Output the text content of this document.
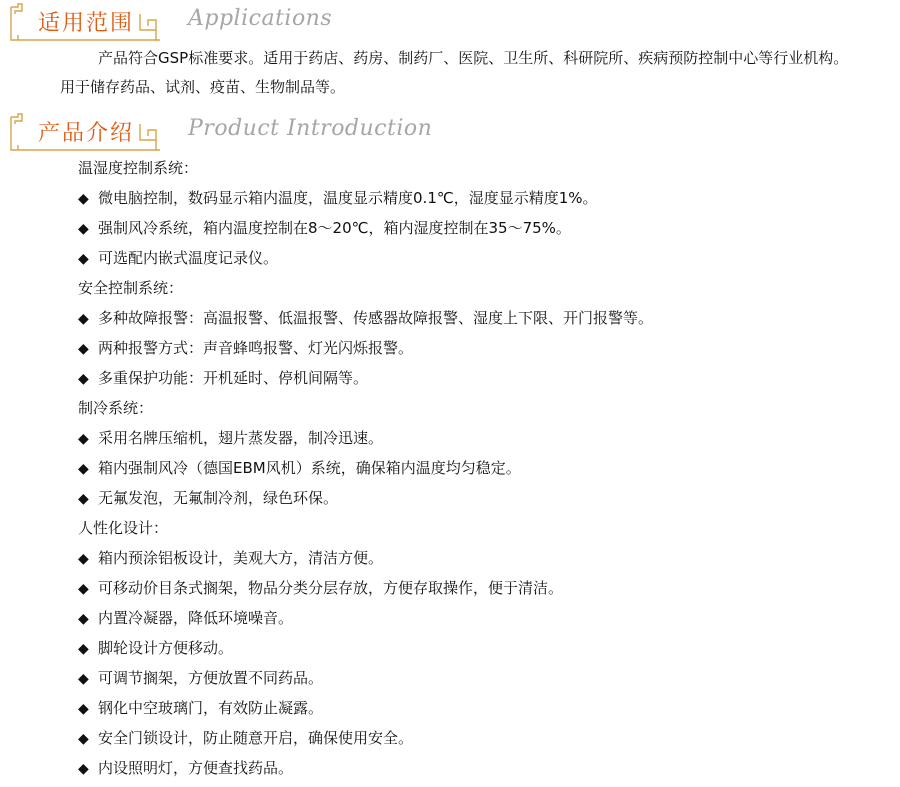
适用范围 Applications

产品符合GSP标准要求。适用于药店、药房、制药厂、医院、卫生所、科研院所、疾病预防控制中心等行业机构。用于储存药品、试剂、疫苗、生物制品等。

产品介绍 Product Introduction
温湿度控制系统：
◆ 微电脑控制，数码显示箱内温度，温度显示精度0.1℃，湿度显示精度1%。
◆ 强制风冷系统，箱内温度控制在8～20℃，箱内湿度控制在35～75%。
◆ 可选配内嵌式温度记录仪。
安全控制系统：
◆ 多种故障报警：高温报警、低温报警、传感器故障报警、湿度上下限、开门报警等。
◆ 两种报警方式：声音蜂鸣报警、灯光闪烁报警。
◆ 多重保护功能：开机延时、停机间隔等。
制冷系统：
◆ 采用名牌压缩机，翅片蒸发器，制冷迅速。
◆ 箱内强制风冷（德国EBM风机）系统，确保箱内温度均匀稳定。
◆ 无氟发泡，无氟制冷剂，绿色环保。
人性化设计：
◆ 箱内预涂铝板设计，美观大方，清洁方便。
◆ 可移动价目条式搁架，物品分类分层存放，方便存取操作，便于清洁。
◆ 内置冷凝器，降低环境噪音。
◆ 脚轮设计方便移动。
◆ 可调节搁架，方便放置不同药品。
◆ 钢化中空玻璃门，有效防止凝露。
◆ 安全门锁设计，防止随意开启，确保使用安全。
◆ 内设照明灯，方便查找药品。
